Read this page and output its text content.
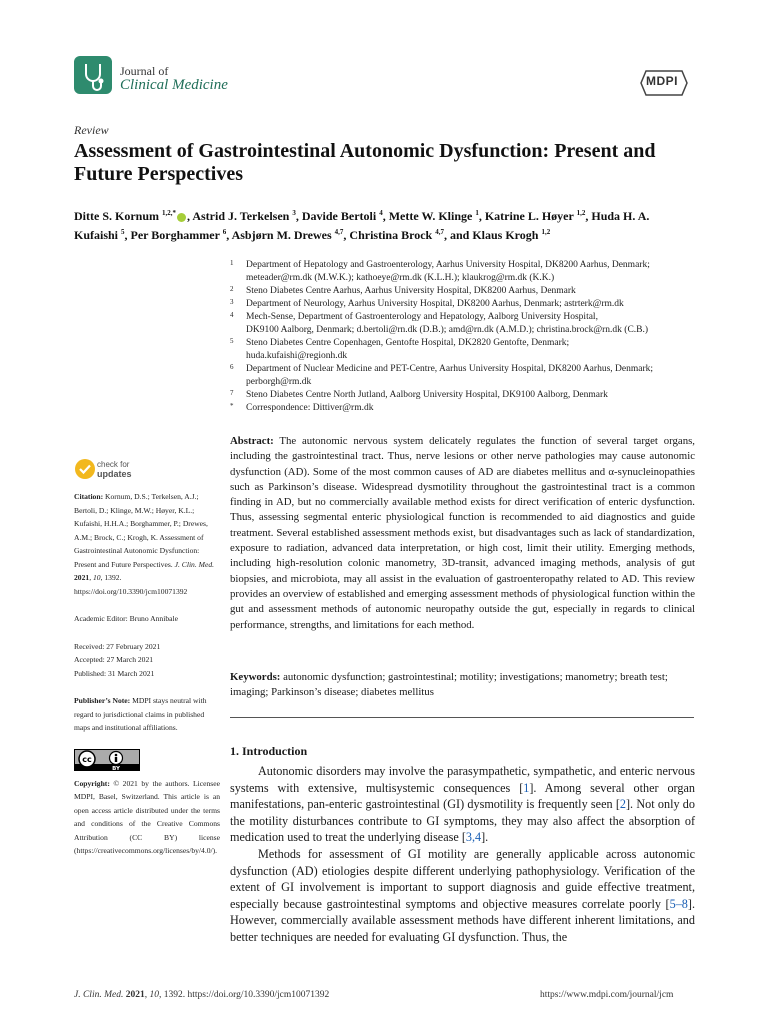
Journal of
Clinical Medicine	MDPI
Review
Assessment of Gastrointestinal Autonomic Dysfunction: Present and Future Perspectives
Ditte S. Kornum $^{1,2,*}$ , Astrid J. Terkelsen $^3$, Davide Bertoli $^4$, Mette W. Klinge $^1$, Katrine L. Høyer $^{1,2}$, Huda H. A. Kufaishi $^5$, Per Borghammer $^6$, Asbjørn M. Drewes $^{4,7}$, Christina Brock $^{4,7}$, and Klaus Krogh $^{1,2}$
1 Department of Hepatology and Gastroenterology, Aarhus University Hospital, DK8200 Aarhus, Denmark;
meteader@rm.dk (M.W.K.); kathoeye@rm.dk (K.L.H.); klaukrog@rm.dk (K.K.)
2 Steno Diabetes Centre Aarhus, Aarhus University Hospital, DK8200 Aarhus, Denmark
3 Department of Neurology, Aarhus University Hospital, DK8200 Aarhus, Denmark; astrterk@rm.dk
4 Mech-Sense, Department of Gastroenterology and Hepatology, Aalborg University Hospital,
DK9100 Aalborg, Denmark; d.bertoli@rn.dk (D.B.); amd@rn.dk (A.M.D.); christina.brock@rn.dk (C.B.)
5 Steno Diabetes Centre Copenhagen, Gentofte Hospital, DK2820 Gentofte, Denmark;
huda.kufaishi@regionh.dk
6 Department of Nuclear Medicine and PET-Centre, Aarhus University Hospital, DK8200 Aarhus, Denmark;
perborgh@rm.dk
7 Steno Diabetes Centre North Jutland, Aalborg University Hospital, DK9100 Aalborg, Denmark
* Correspondence: Dittiver@rm.dk
check for
updates
Citation: Kornum, D.S.; Terkelsen, A.J.; Bertoli, D.; Klinge, M.W.; Høyer, K.L.; Kufaishi, H.H.A.; Borghammer, P.; Drewes, A.M.; Brock, C.; Krogh, K. Assessment of Gastrointestinal Autonomic Dysfunction: Present and Future Perspectives. J. Clin. Med. 2021, 10, 1392. https://doi.org/10.3390/jcm10071392
Academic Editor: Bruno Annibale
Received: 27 February 2021
Accepted: 27 March 2021
Published: 31 March 2021
Publisher’s Note: MDPI stays neutral with regard to jurisdictional claims in published maps and institutional affiliations.
cc
BY
Copyright: © 2021 by the authors. Licensee MDPI, Basel, Switzerland. This article is an open access article distributed under the terms and conditions of the Creative Commons Attribution (CC BY) license (https://creativecommons.org/licenses/by/4.0/).
Abstract: The autonomic nervous system delicately regulates the function of several target organs, including the gastrointestinal tract. Thus, nerve lesions or other nerve pathologies may cause autonomic dysfunction (AD). Some of the most common causes of AD are diabetes mellitus and α-synucleinopathies such as Parkinson’s disease. Widespread dysmotility throughout the gastrointestinal tract is a common finding in AD, but no commercially available method exists for direct verification of enteric dysfunction. Thus, assessing segmental enteric physiological function is recommended to aid diagnostics and guide treatment. Several established assessment methods exist, but disadvantages such as lack of standardization, exposure to radiation, advanced data interpretation, or high cost, limit their utility. Emerging methods, including high-resolution colonic manometry, 3D-transit, advanced imaging methods, analysis of gut biopsies, and microbiota, may all assist in the evaluation of gastroenteropathy related to AD. This review provides an overview of established and emerging assessment methods of physiological function within the gut and assessment methods of autonomic neuropathy outside the gut, especially in regards to clinical performance, strengths, and limitations for each method.
Keywords: autonomic dysfunction; gastrointestinal; motility; investigations; manometry; breath test; imaging; Parkinson’s disease; diabetes mellitus
1. Introduction

Autonomic disorders may involve the parasympathetic, sympathetic, and enteric nervous systems with extensive, multisystemic consequences [1]. Among several other organ manifestations, pan-enteric gastrointestinal (GI) dysmotility is frequently seen [2]. Not only do the motility disturbances contribute to GI symptoms, they may also affect the absorption of medication used to treat the underlying disease [3,4].

Methods for assessment of GI motility are generally applicable across autonomic dysfunction (AD) etiologies despite different underlying pathophysiology. Verification of the extent of GI involvement is important to support diagnosis and guide effective treatment, especially because gastrointestinal symptoms and objective measures correlate poorly [5–8]. However, commercially available assessment methods have different inherent limitations, and better techniques are needed for evaluating GI dysfunction. Thus, the

J. Clin. Med. 2021, 10, 1392. https://doi.org/10.3390/jcm10071392	https://www.mdpi.com/journal/jcm
